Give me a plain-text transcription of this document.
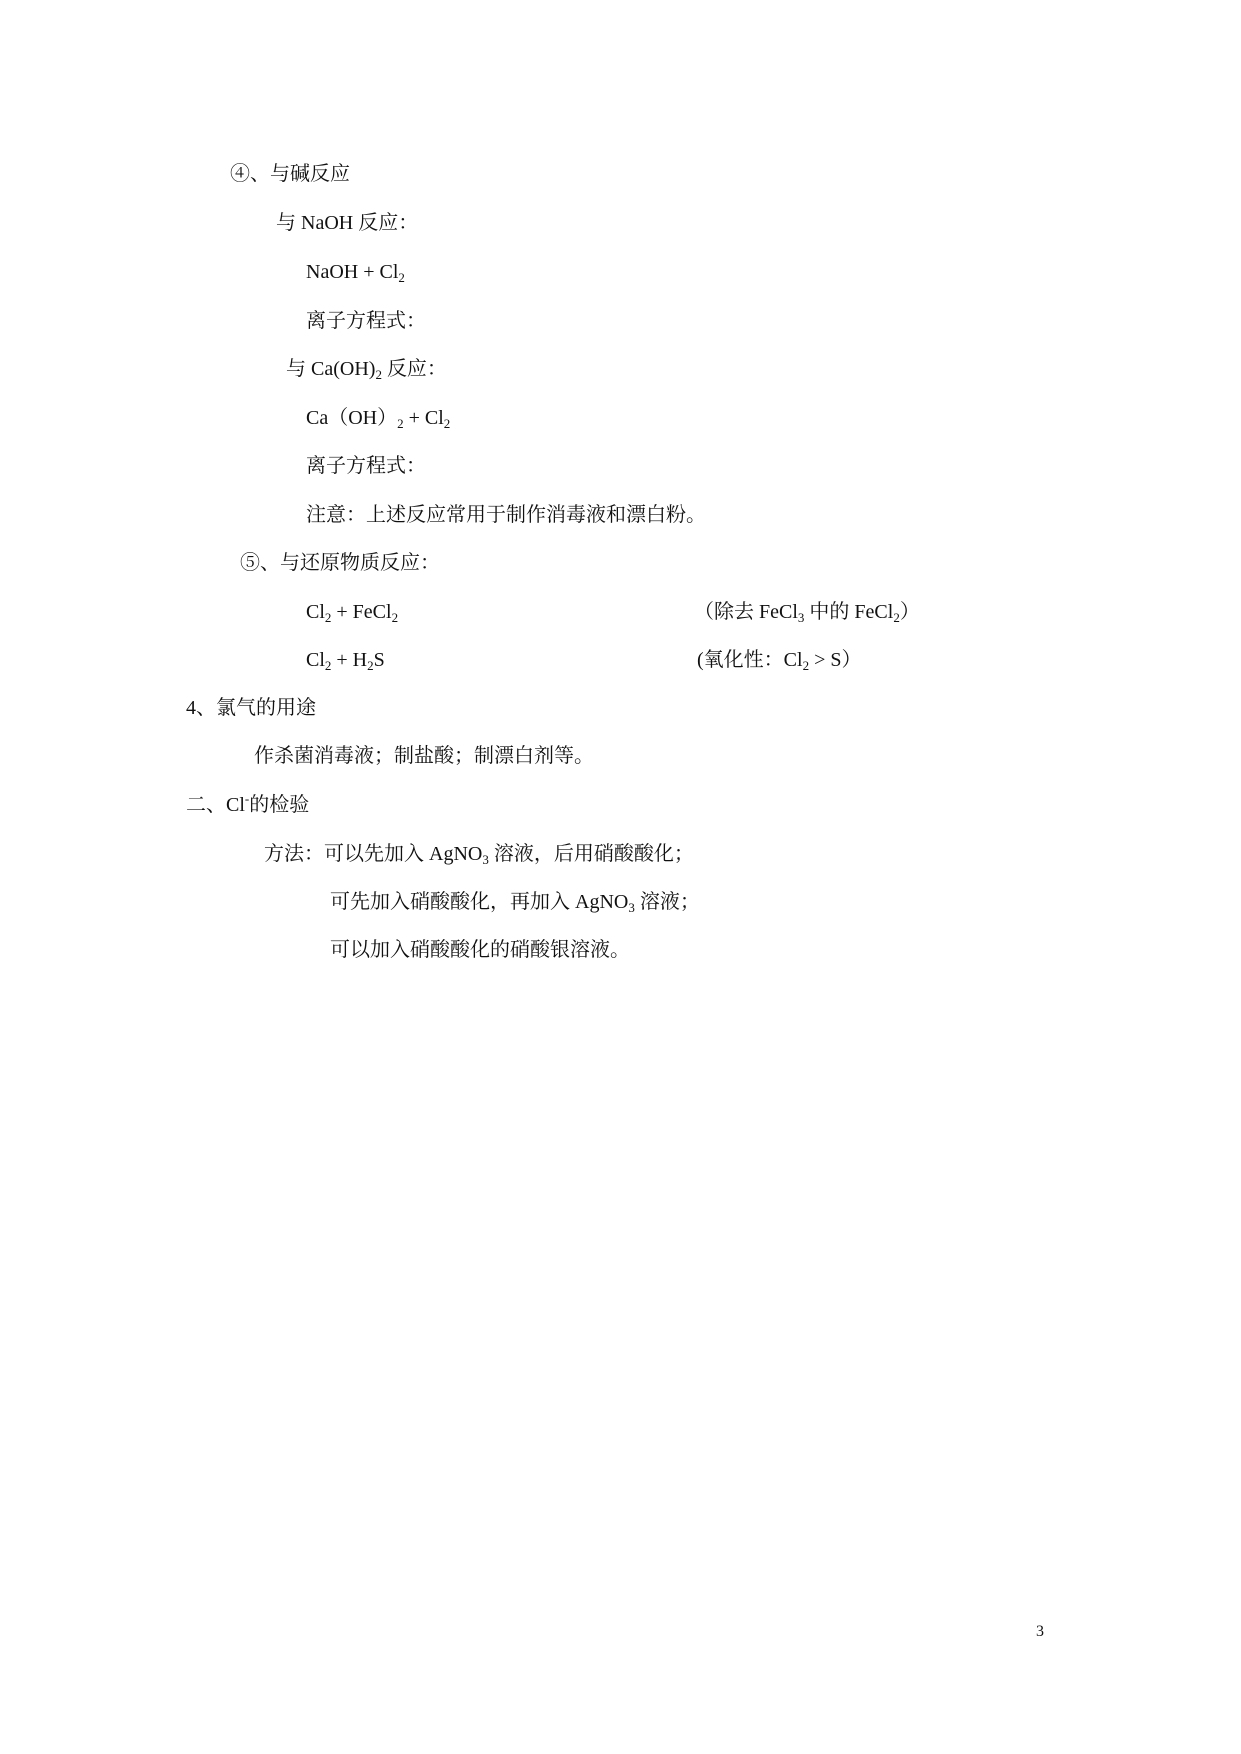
④、与碱反应
与 NaOH 反应：
NaOH + $Cl_2$
离子方程式：
与 $Ca(OH)_2$ 反应：
$Ca(OH)_2 + Cl_2$
离子方程式：
注意：上述反应常用于制作消毒液和漂白粉。
⑤、与还原物质反应：
$Cl_2$ + FeCl$_2$	（除去 FeCl$_3$ 中的 FeCl$_2$）
$Cl_2 + H_2S$	(氧化性：$Cl_2 > S$）
4、氯气的用途
作杀菌消毒液；制盐酸；制漂白剂等。
二、Cl-的检验
方法：可以先加入 AgNO$_3$ 溶液，后用硝酸酸化；
可先加入硝酸酸化，再加入 AgNO$_3$ 溶液；
可以加入硝酸酸化的硝酸银溶液。
3
